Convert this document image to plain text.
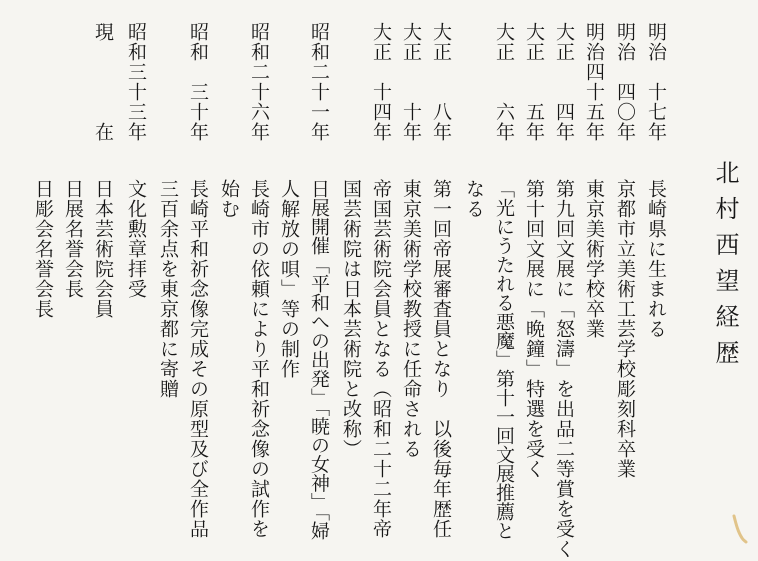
北村西望経歴
明治
十七年
長崎県に生まれる
明治
四〇年
京都市立美術工芸学校彫刻科卒業
明治
四十五年
東京美術学校卒業
大正
四年
第九回文展に「怒濤」を出品二等賞を受く
大正
五年
第十回文展に「晩鐘」特選を受く
大正
六年
「光にうたれる悪魔」第十一回文展推薦と
なる
大正
八年
第一回帝展審査員となり　以後毎年歴任
大正
十年
東京美術学校教授に任命される
大正
十四年
帝国芸術院会員となる（昭和二十二年帝
国芸術院は日本芸術院と改称）
昭和
二十一年
日展開催「平和への出発」「暁の女神」「婦
人解放の唄」等の制作
昭和
二十六年
長崎市の依頼により平和祈念像の試作を
始む
昭和
三十年
長崎平和祈念像完成その原型及び全作品
三百余点を東京都に寄贈
昭和
三十三年
文化勲章拝受
現
在
日本芸術院会員
日展名誉会長
日彫会名誉会長
